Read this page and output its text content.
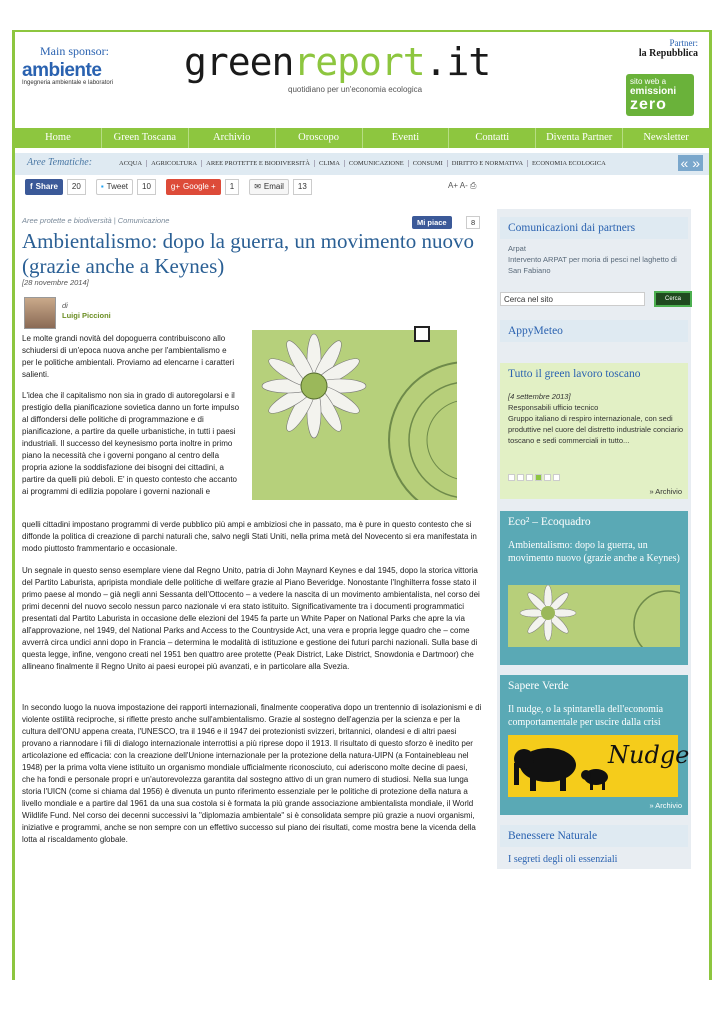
Main sponsor:
ambiente
Ingegneria ambientale e laboratori greenreport.it
quotidiano per un'economia ecologica
Partner:
la Repubblica
sito web a
emissioni
zero
Home	Green Toscana	Archivio	Oroscopo	Eventi	Contatti	Diventa Partner	Newsletter
Aree Tematiche:	ACQUA AGRICOLTURA AREE PROTETTE E BIODIVERSITÀ CLIMA COMUNICAZIONE CONSUMI DIRITTO E NORMATIVA ECONOMIA ECOLOGICA	« »
f Share	20	▪ Tweet	10	g+ Google +	1	✉ Email	13	A+ A- ⎙
Aree protette e biodiversità | Comunicazione	Mi piace	8
Ambientalismo: dopo la guerra, un movimento nuovo (grazie anche a Keynes)
[28 novembre 2014]
di
Luigi Piccioni
Le molte grandi novità del dopoguerra contribuiscono allo schiudersi di un'epoca nuova anche per l'ambientalismo e per le politiche ambientali. Proviamo ad elencarne i caratteri salienti.
L'idea che il capitalismo non sia in grado di autoregolarsi e il prestigio della pianificazione sovietica danno un forte impulso al diffondersi delle politiche di programmazione e di pianificazione, a partire da quelle urbanistiche, in tutti i paesi industriali. Il successo del keynesismo porta inoltre in primo piano la necessità che i governi pongano al centro della propria azione la soddisfazione dei bisogni dei cittadini, a partire da quelli più deboli. E' in questo contesto che accanto ai programmi di edilizia popolare i governi nazionali e
quelli cittadini impostano programmi di verde pubblico più ampi e ambiziosi che in passato, ma è pure in questo contesto che si diffonde la politica di creazione di parchi naturali che, salvo negli Stati Uniti, nella prima metà del Novecento si era manifestata in modo piuttosto frammentario e occasionale.
Un segnale in questo senso esemplare viene dal Regno Unito, patria di John Maynard Keynes e dal 1945, dopo la storica vittoria del Partito Laburista, apripista mondiale delle politiche di welfare grazie al Piano Beveridge. Nonostante l'Inghilterra fosse stato il primo paese al mondo – già negli anni Sessanta dell'Ottocento – a vedere la nascita di un movimento ambientalista, nel corso dei primi decenni del nuovo secolo nessun parco nazionale vi era stato istituito. Significativamente tra i documenti programmatici presentati dal Partito Laburista in occasione delle elezioni del 1945 fa parte un White Paper on National Parks che apre la via all'approvazione, nel 1949, del National Parks and Access to the Countryside Act, una vera e propria legge quadro che – come avverrà circa undici anni dopo in Francia – determina le modalità di istituzione e gestione dei futuri parchi nazionali. Sulla base di questa legge, infine, vengono creati nel 1951 ben quattro aree protette (Peak District, Lake District, Snowdonia e Dartmoor) che allineano finalmente il Regno Unito ai paesi europei più avanzati, e in particolare alla Svezia.
In secondo luogo la nuova impostazione dei rapporti internazionali, finalmente cooperativa dopo un trentennio di isolazionismi e di violente ostilità reciproche, si riflette presto anche sull'ambientalismo. Grazie al sostegno dell'agenzia per la scienza e per la cultura dell'ONU appena creata, l'UNESCO, tra il 1946 e il 1947 dei protezionisti svizzeri, britannici, olandesi e di altri paesi provano a riannodare i fili di dialogo internazionale interrottisi a più riprese dopo il 1913. Il risultato di questo sforzo è inedito per articolazione ed efficacia: con la creazione dell'Unione internazionale per la protezione della natura-UIPN (a Fontainebleau nel 1948) per la prima volta viene istituito un organismo mondiale ufficialmente riconosciuto, cui aderiscono molte decine di paesi, che ha fondi e personale propri e un'autorevolezza garantita dal sostegno attivo di un gran numero di studiosi. Nella sua lunga storia l'UICN (come si chiama dal 1956) è divenuta un punto riferimento essenziale per le politiche di protezione della natura a livello mondiale e a partire dal 1961 da una sua costola si è formata la più grande associazione ambientalista mondiale, il World Wildlife Fund. Nel corso dei decenni successivi la "diplomazia ambientale" si è consolidata sempre più grazie a nuovi organismi, iniziative e programmi, anche se non sempre con un effettivo successo sul piano dei risultati, come mostra bene la vicenda della lotta al riscaldamento globale.
Comunicazioni dai partners
Arpat
Intervento ARPAT per moria di pesci nel laghetto di San Fabiano
Cerca nel sito	Cerca
AppyMeteo
Tutto il green lavoro toscano
[4 settembre 2013]
Responsabili ufficio tecnico
Gruppo italiano di respiro internazionale, con sedi produttive nel cuore del distretto industriale conciario toscano e sedi commerciali in tutto...
» Archivio
Eco² – Ecoquadro
Ambientalismo: dopo la guerra, un movimento nuovo (grazie anche a Keynes)
Sapere Verde
Il nudge, o la spintarella dell'economia comportamentale per uscire dalla crisi
Nudge
» Archivio
Benessere Naturale
I segreti degli oli essenziali
